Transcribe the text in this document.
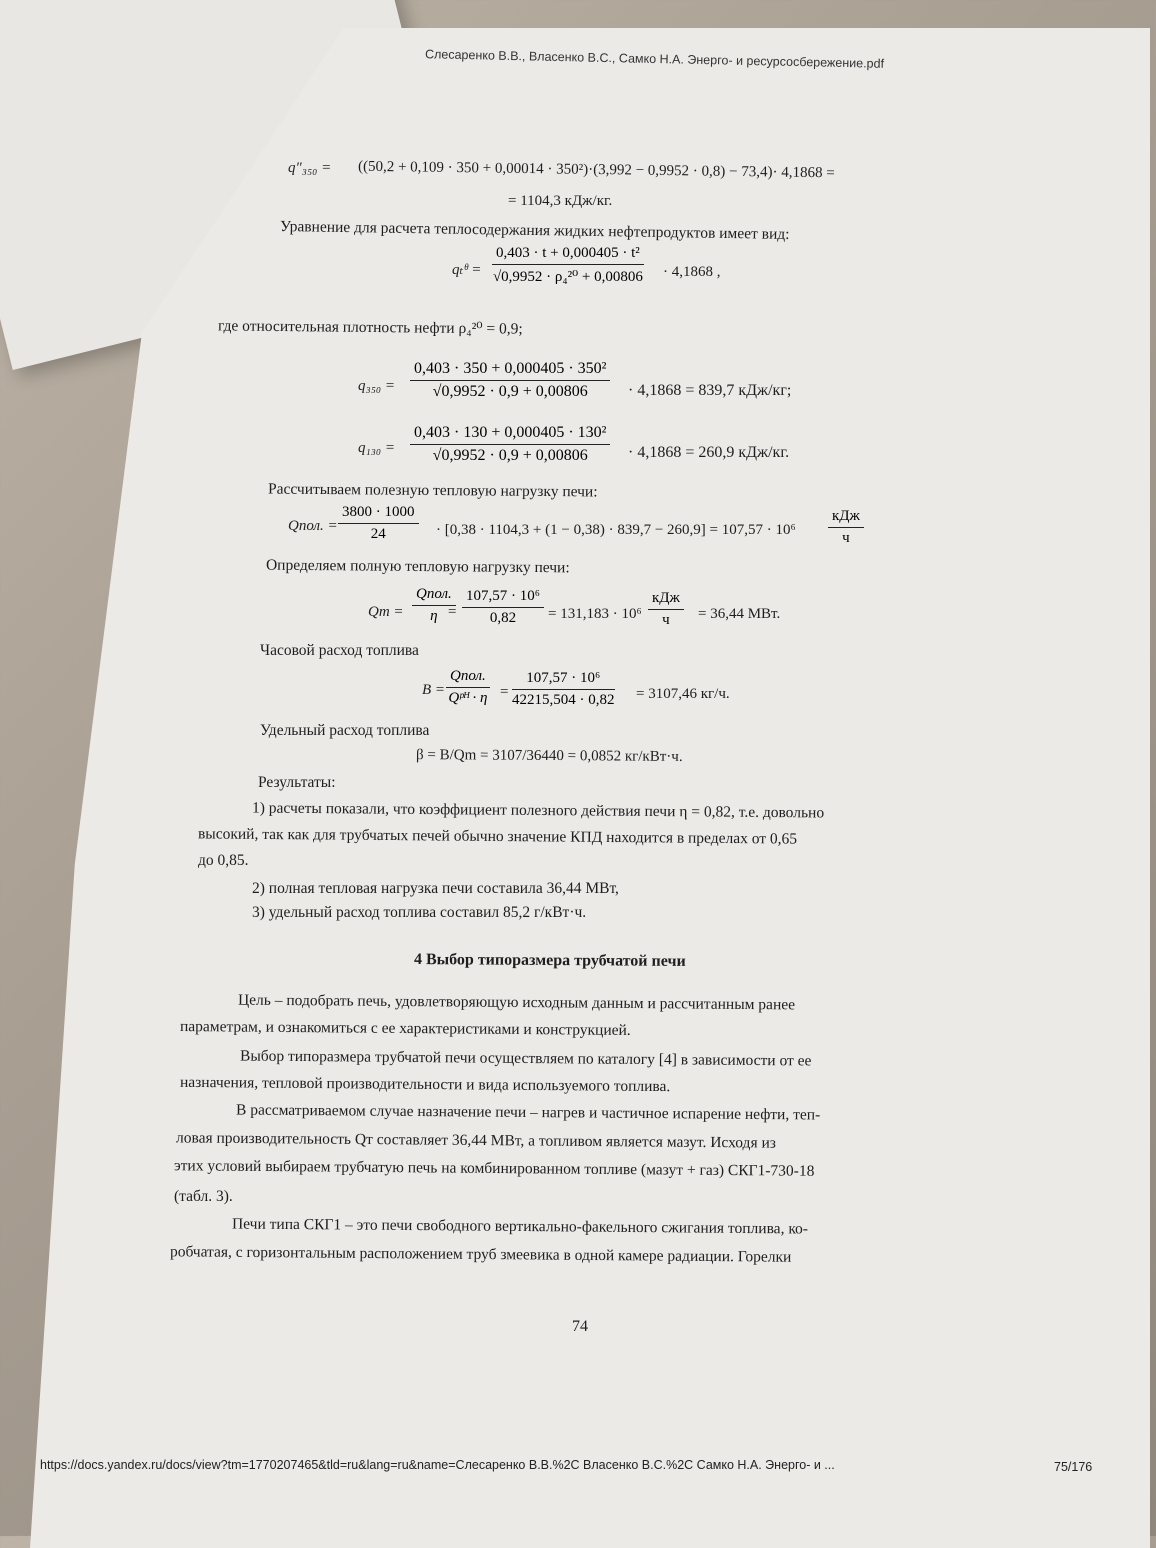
Слесаренко В.В., Власенко В.С., Самко Н.А. Энерго- и ресурсосбережение.pdf
q″₃₅₀ = ((50,2 + 0,109 · 350 + 0,00014 · 350²)·(3,992 − 0,9952 · 0,8) − 73,4)· 4,1868 =
= 1104,3 кДж/кг.
Уравнение для расчета теплосодержания жидких нефтепродуктов имеет вид:
qₜᶿ = $\frac{\text{0,403 · t + 0,000405 · t²}}{\text{√0,9952 · ρ₄²⁰ + 0,00806}} \cdot 4,1868$ ,
где относительная плотность нефти ρ₄²⁰ = 0,9;
$q_{350} = \frac{\text{0,403 · 350 + 0,000405 · 350²}}{√0,9952 \cdot 0,9 + 0,00806} \cdot 4,1868 = 839,7$ кДж/кг;
$q_{130} = \frac{\text{0,403 · 130 + 0,000405 · 130²}}{√0,9952 \cdot 0,9 + 0,00806} \cdot 4,1868 = 260,9$ кДж/кг.
Рассчитываем полезную тепловую нагрузку печи:
Qпол. = $\frac{3800 \cdot 1000}{24} \cdot [0,38 \cdot 1104,3 + (1 - 0,38) \cdot 839,7 - 260,9] = 107,57 \cdot 10^6$
кДж
ч
Определяем полную тепловую нагрузку печи:
Qт =
Qпол.
$\eta = \frac{\text{107,57 · 10⁶}}{0,82} = 131,183 \cdot 10^6$
кДж
ч	= 36,44 МВт.
Часовой расход топлива
B =
Qпол.
Qᵖᴴ · $\eta = \frac{\text{107,57 · 10⁶}}{42215,504 \cdot 0,82} = 3107,46$ кг/ч.
Удельный расход топлива
β = B/Qm = 3107/36440 = 0,0852 кг/кВт·ч.
Результаты:
1) расчеты показали, что коэффициент полезного действия печи η = 0,82, т.е. довольно
высокий, так как для трубчатых печей обычно значение КПД находится в пределах от 0,65
до 0,85.
2) полная тепловая нагрузка печи составила 36,44 МВт,
3) удельный расход топлива составил 85,2 г/кВт·ч.
4 Выбор типоразмера трубчатой печи
Цель – подобрать печь, удовлетворяющую исходным данным и рассчитанным ранее
параметрам, и ознакомиться с ее характеристиками и конструкцией.
Выбор типоразмера трубчатой печи осуществляем по каталогу [4] в зависимости от ее
назначения, тепловой производительности и вида используемого топлива.
В рассматриваемом случае назначение печи – нагрев и частичное испарение нефти, теп-
ловая производительность Qт составляет 36,44 МВт, а топливом является мазут. Исходя из
этих условий выбираем трубчатую печь на комбинированном топливе (мазут + газ) СКГ1-730-18
(табл. 3).
Печи типа СКГ1 – это печи свободного вертикально-факельного сжигания топлива, ко-
робчатая, с горизонтальным расположением труб змеевика в одной камере радиации. Горелки
74
https://docs.yandex.ru/docs/view?tm=1770207465&tld=ru&lang=ru&name=Слесаренко В.В.%2С Власенко В.С.%2С Самко Н.А. Энерго- и ...	75/176
